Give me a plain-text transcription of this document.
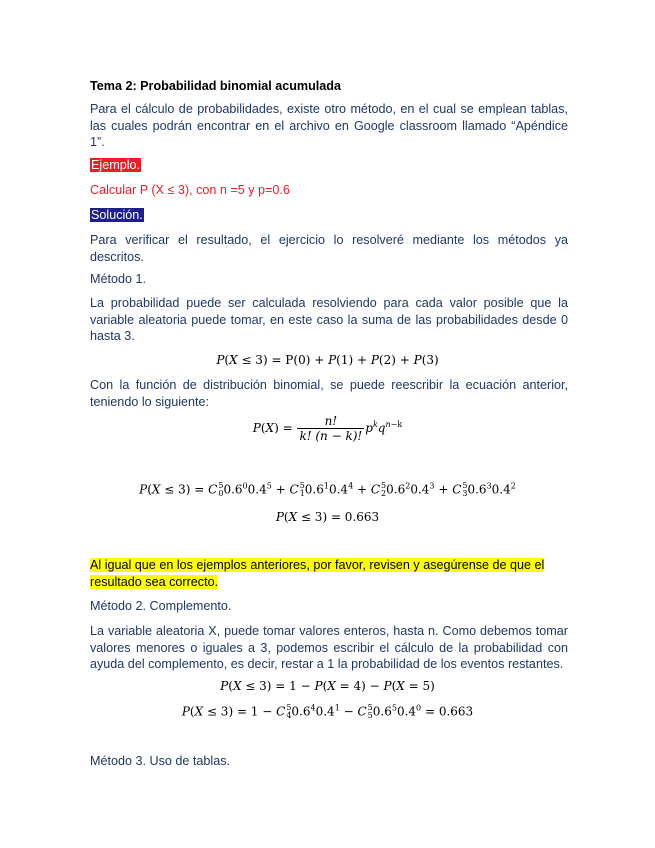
Tema 2: Probabilidad binomial acumulada
Para el cálculo de probabilidades, existe otro método, en el cual se emplean tablas, las cuales podrán encontrar en el archivo en Google classroom llamado “Apéndice 1”.
Ejemplo.
Calcular P (X ≤ 3), con n =5 y p=0.6
Solución.
Para verificar el resultado, el ejercicio lo resolveré mediante los métodos ya descritos.
Método 1.
La probabilidad puede ser calculada resolviendo para cada valor posible que la variable aleatoria puede tomar, en este caso la suma de las probabilidades desde 0 hasta 3.
P(X ≤ 3) = P(0) + P(1) + P(2) + P(3)
Con la función de distribución binomial, se puede reescribir la ecuación anterior, teniendo lo siguiente:
$P(X) = \frac{n!}{k! (n - k)!} p^kq^{n-k}$
P(X ≤ 3) = C 5
0 $0.6^00.4^5 + C$ 5
1 $0.6^10.4^4 + C$ 5
2 $0.6^20.4^3 + C$ 5
3 $0.6^30.4^2$
P(X ≤ 3) = 0.663
Al igual que en los ejemplos anteriores, por favor, revisen y asegúrense de que el resultado sea correcto.
Método 2. Complemento.
La variable aleatoria X, puede tomar valores enteros, hasta n. Como debemos tomar valores menores o iguales a 3, podemos escribir el cálculo de la probabilidad con ayuda del complemento, es decir, restar a 1 la probabilidad de los eventos restantes.
P(X ≤ 3) = 1 − P(X = 4) − P(X = 5)
P(X ≤ 3) = 1 − C 5
4 $0.6^40.4^1 - C$ 5
5 $0.6^50.4^0 = 0.663$
Método 3. Uso de tablas.
